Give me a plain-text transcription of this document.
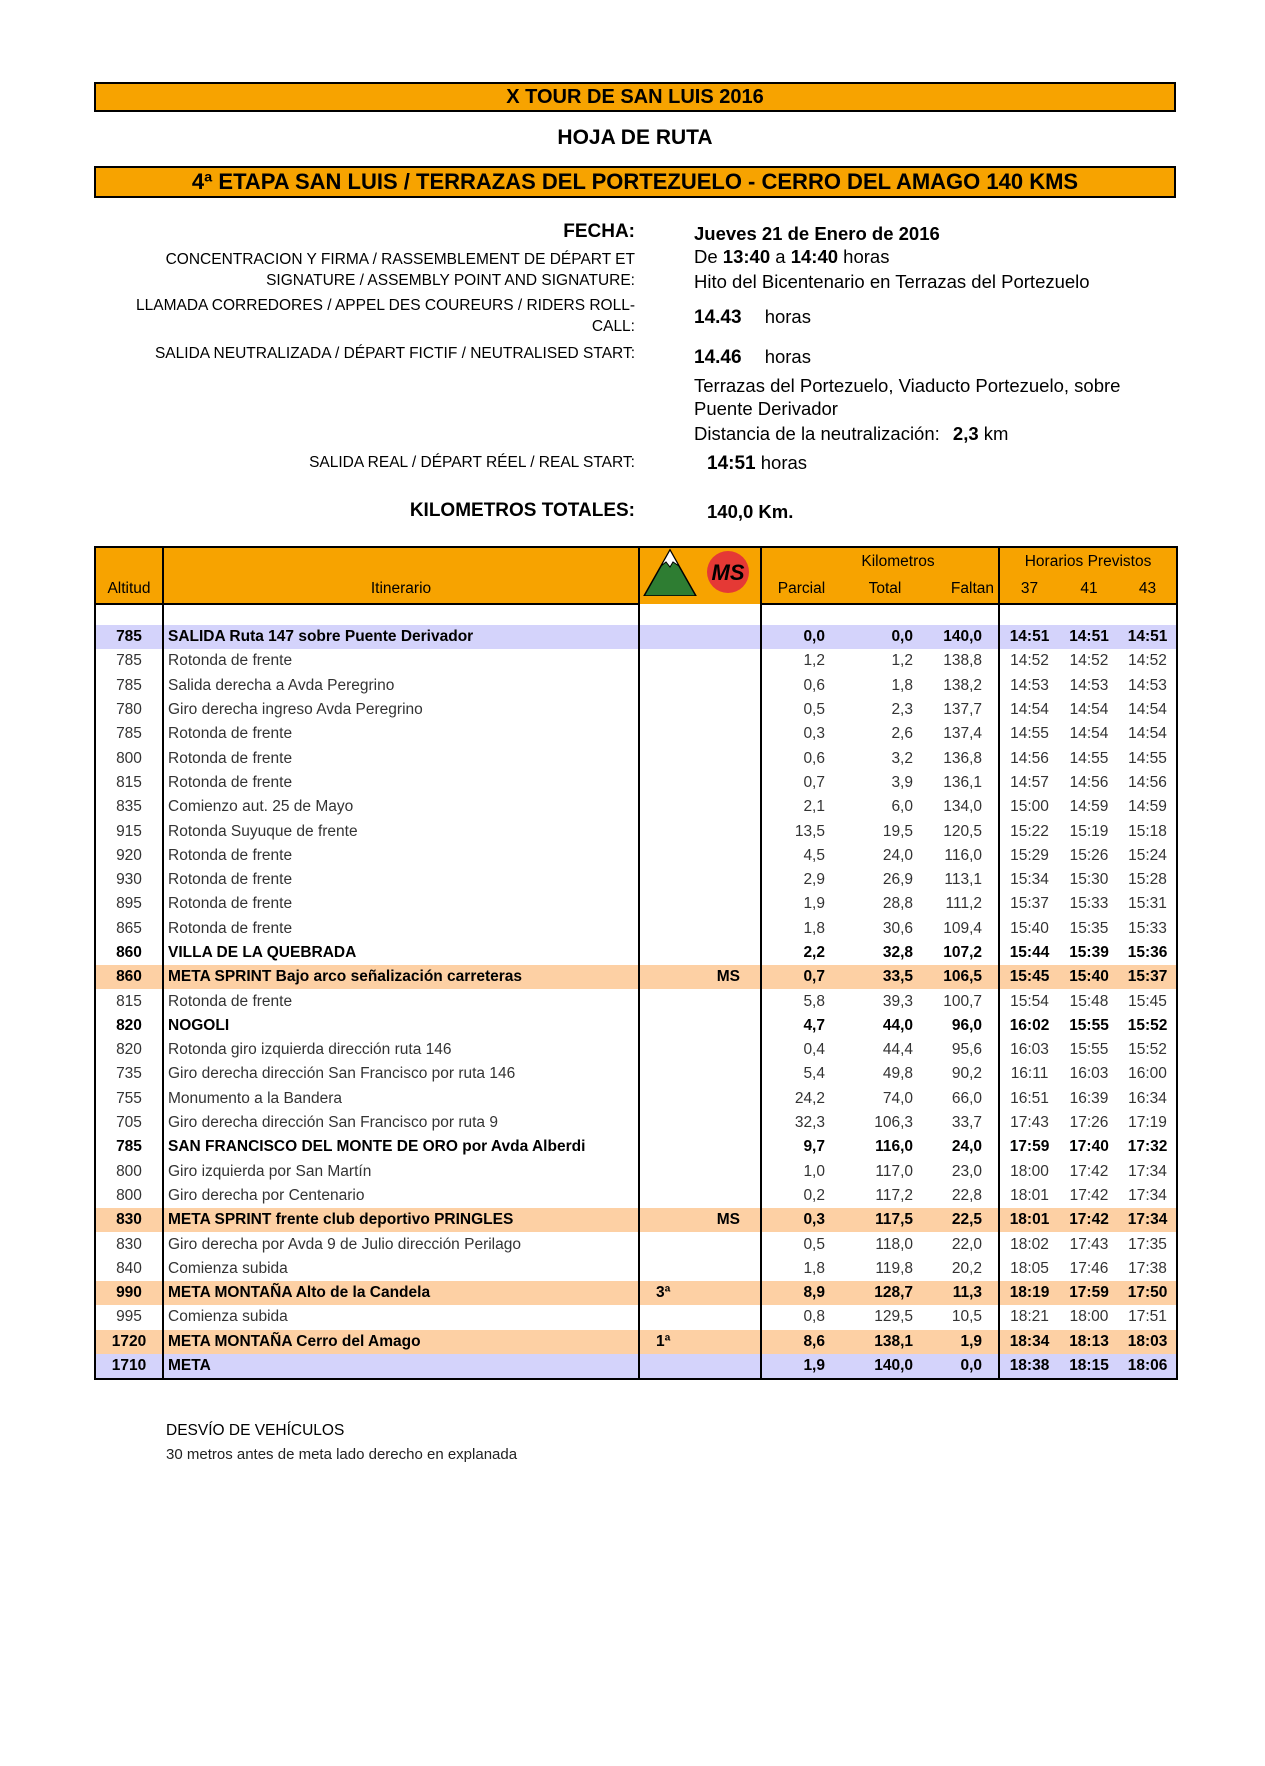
X TOUR DE SAN LUIS 2016
HOJA DE RUTA
4ª ETAPA SAN LUIS / TERRAZAS DEL PORTEZUELO - CERRO DEL AMAGO 140 KMS
FECHA:	Jueves 21 de Enero de 2016
CONCENTRACION Y FIRMA / RASSEMBLEMENT DE DÉPART ET
SIGNATURE / ASSEMBLY POINT AND SIGNATURE:
De 13:40 a 14:40 horas
Hito del Bicentenario en Terrazas del Portezuelo
LLAMADA CORREDORES / APPEL DES COUREURS / RIDERS ROLL-
CALL:	14.43 horas
SALIDA NEUTRALIZADA / DÉPART FICTIF / NEUTRALISED START:	14.46 horas
Terrazas del Portezuelo, Viaducto Portezuelo, sobre
Puente Derivador
Distancia de la neutralización: 2,3 km
SALIDA REAL / DÉPART RÉEL / REAL START:	14:51 horas
KILOMETROS TOTALES:	140,0 Km.

MS	Kilometros			Horarios Previstos		
Altitud	Itinerario		Parcial	Total	Faltan	37	41	43

785	SALIDA Ruta 147 sobre Puente Derivador		0,0	0,0	140,0	14:51	14:51	14:51
785	Rotonda de frente		1,2	1,2	138,8	14:52	14:52	14:52
785	Salida derecha a Avda Peregrino		0,6	1,8	138,2	14:53	14:53	14:53
780	Giro derecha ingreso Avda Peregrino		0,5	2,3	137,7	14:54	14:54	14:54
785	Rotonda de frente		0,3	2,6	137,4	14:55	14:54	14:54
800	Rotonda de frente		0,6	3,2	136,8	14:56	14:55	14:55
815	Rotonda de frente		0,7	3,9	136,1	14:57	14:56	14:56
835	Comienzo aut. 25 de Mayo		2,1	6,0	134,0	15:00	14:59	14:59
915	Rotonda Suyuque de frente		13,5	19,5	120,5	15:22	15:19	15:18
920	Rotonda de frente		4,5	24,0	116,0	15:29	15:26	15:24
930	Rotonda de frente		2,9	26,9	113,1	15:34	15:30	15:28
895	Rotonda de frente		1,9	28,8	111,2	15:37	15:33	15:31
865	Rotonda de frente		1,8	30,6	109,4	15:40	15:35	15:33
860	VILLA DE LA QUEBRADA		2,2	32,8	107,2	15:44	15:39	15:36
860	META SPRINT Bajo arco señalización carreteras	MS	0,7	33,5	106,5	15:45	15:40	15:37
815	Rotonda de frente		5,8	39,3	100,7	15:54	15:48	15:45
820	NOGOLI		4,7	44,0	96,0	16:02	15:55	15:52
820	Rotonda giro izquierda dirección ruta 146		0,4	44,4	95,6	16:03	15:55	15:52
735	Giro derecha dirección San Francisco por ruta 146		5,4	49,8	90,2	16:11	16:03	16:00
755	Monumento a la Bandera		24,2	74,0	66,0	16:51	16:39	16:34
705	Giro derecha dirección San Francisco por ruta 9		32,3	106,3	33,7	17:43	17:26	17:19
785	SAN FRANCISCO DEL MONTE DE ORO por Avda Alberdi		9,7	116,0	24,0	17:59	17:40	17:32
800	Giro izquierda por San Martín		1,0	117,0	23,0	18:00	17:42	17:34
800	Giro derecha por Centenario		0,2	117,2	22,8	18:01	17:42	17:34
830	META SPRINT frente club deportivo PRINGLES	MS	0,3	117,5	22,5	18:01	17:42	17:34
830	Giro derecha por Avda 9 de Julio dirección Perilago		0,5	118,0	22,0	18:02	17:43	17:35
840	Comienza subida		1,8	119,8	20,2	18:05	17:46	17:38
990	META MONTAÑA Alto de la Candela	3ª	8,9	128,7	11,3	18:19	17:59	17:50
995	Comienza subida		0,8	129,5	10,5	18:21	18:00	17:51
1720	META MONTAÑA Cerro del Amago	1ª	8,6	138,1	1,9	18:34	18:13	18:03
1710	META		1,9	140,0	0,0	18:38	18:15	18:06
DESVÍO DE VEHÍCULOS
30 metros antes de meta lado derecho en explanada
